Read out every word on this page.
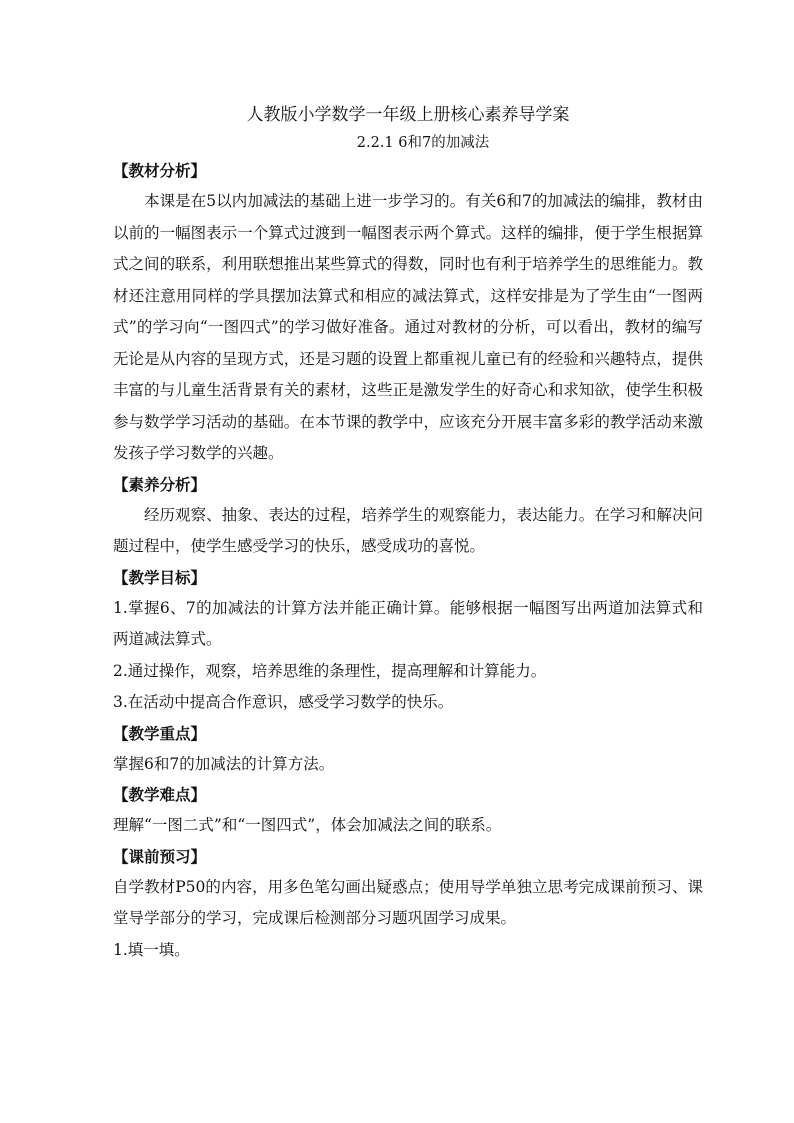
人教版小学数学一年级上册核心素养导学案

2.2.1 6和7的加减法

【教材分析】

本课是在5以内加减法的基础上进一步学习的。有关6和7的加减法的编排，教材由以前的一幅图表示一个算式过渡到一幅图表示两个算式。这样的编排，便于学生根据算式之间的联系，利用联想推出某些算式的得数，同时也有利于培养学生的思维能力。教材还注意用同样的学具摆加法算式和相应的减法算式，这样安排是为了学生由“一图两式”的学习向“一图四式”的学习做好准备。通过对教材的分析，可以看出，教材的编写无论是从内容的呈现方式，还是习题的设置上都重视儿童已有的经验和兴趣特点，提供丰富的与儿童生活背景有关的素材，这些正是激发学生的好奇心和求知欲，使学生积极参与数学学习活动的基础。在本节课的教学中，应该充分开展丰富多彩的教学活动来激发孩子学习数学的兴趣。

【素养分析】

经历观察、抽象、表达的过程，培养学生的观察能力，表达能力。在学习和解决问题过程中，使学生感受学习的快乐，感受成功的喜悦。

【教学目标】

1.掌握6、7的加减法的计算方法并能正确计算。能够根据一幅图写出两道加法算式和两道减法算式。

2.通过操作，观察，培养思维的条理性，提高理解和计算能力。

3.在活动中提高合作意识，感受学习数学的快乐。

【教学重点】

掌握6和7的加减法的计算方法。

【教学难点】

理解“一图二式”和“一图四式”，体会加减法之间的联系。

【课前预习】

自学教材P50的内容，用多色笔勾画出疑惑点；使用导学单独立思考完成课前预习、课堂导学部分的学习，完成课后检测部分习题巩固学习成果。

1.填一填。
